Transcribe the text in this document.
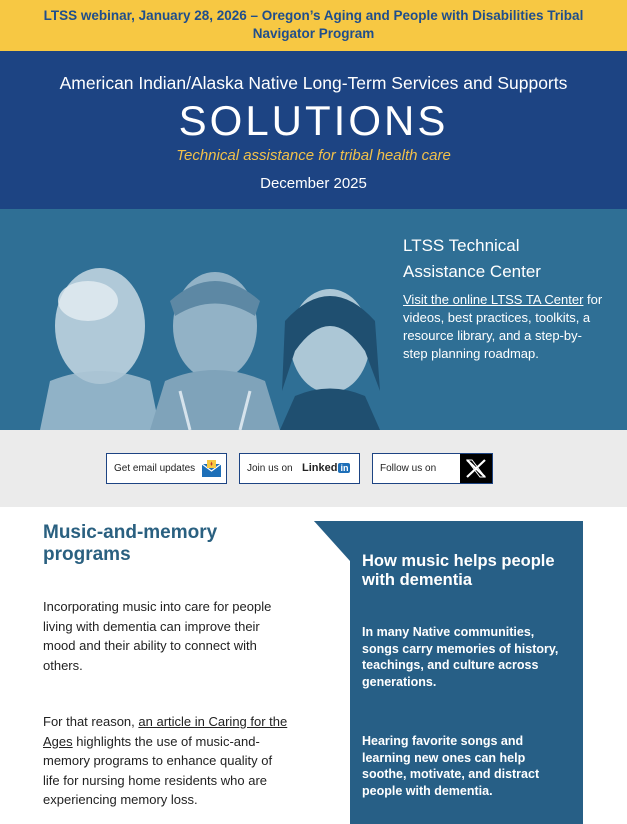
LTSS webinar, January 28, 2026 – Oregon’s Aging and People with Disabilities Tribal Navigator Program
American Indian/Alaska Native Long-Term Services and Supports
SOLUTIONS
Technical assistance for tribal health care
December 2025
LTSS Technical Assistance Center
Visit the online LTSS TA Center for videos, best practices, toolkits, a resource library, and a step-by-step planning roadmap.
Get email updates	Join us on Linked in	Follow us on
Music-and-memory programs
Incorporating music into care for people living with dementia can improve their mood and their ability to connect with others.
For that reason, an article in Caring for the Ages highlights the use of music-and-memory programs to enhance quality of life for nursing home residents who are experiencing memory loss.
How music helps people with dementia
In many Native communities, songs carry memories of history, teachings, and culture across generations.
Hearing favorite songs and learning new ones can help soothe, motivate, and distract people with dementia.
